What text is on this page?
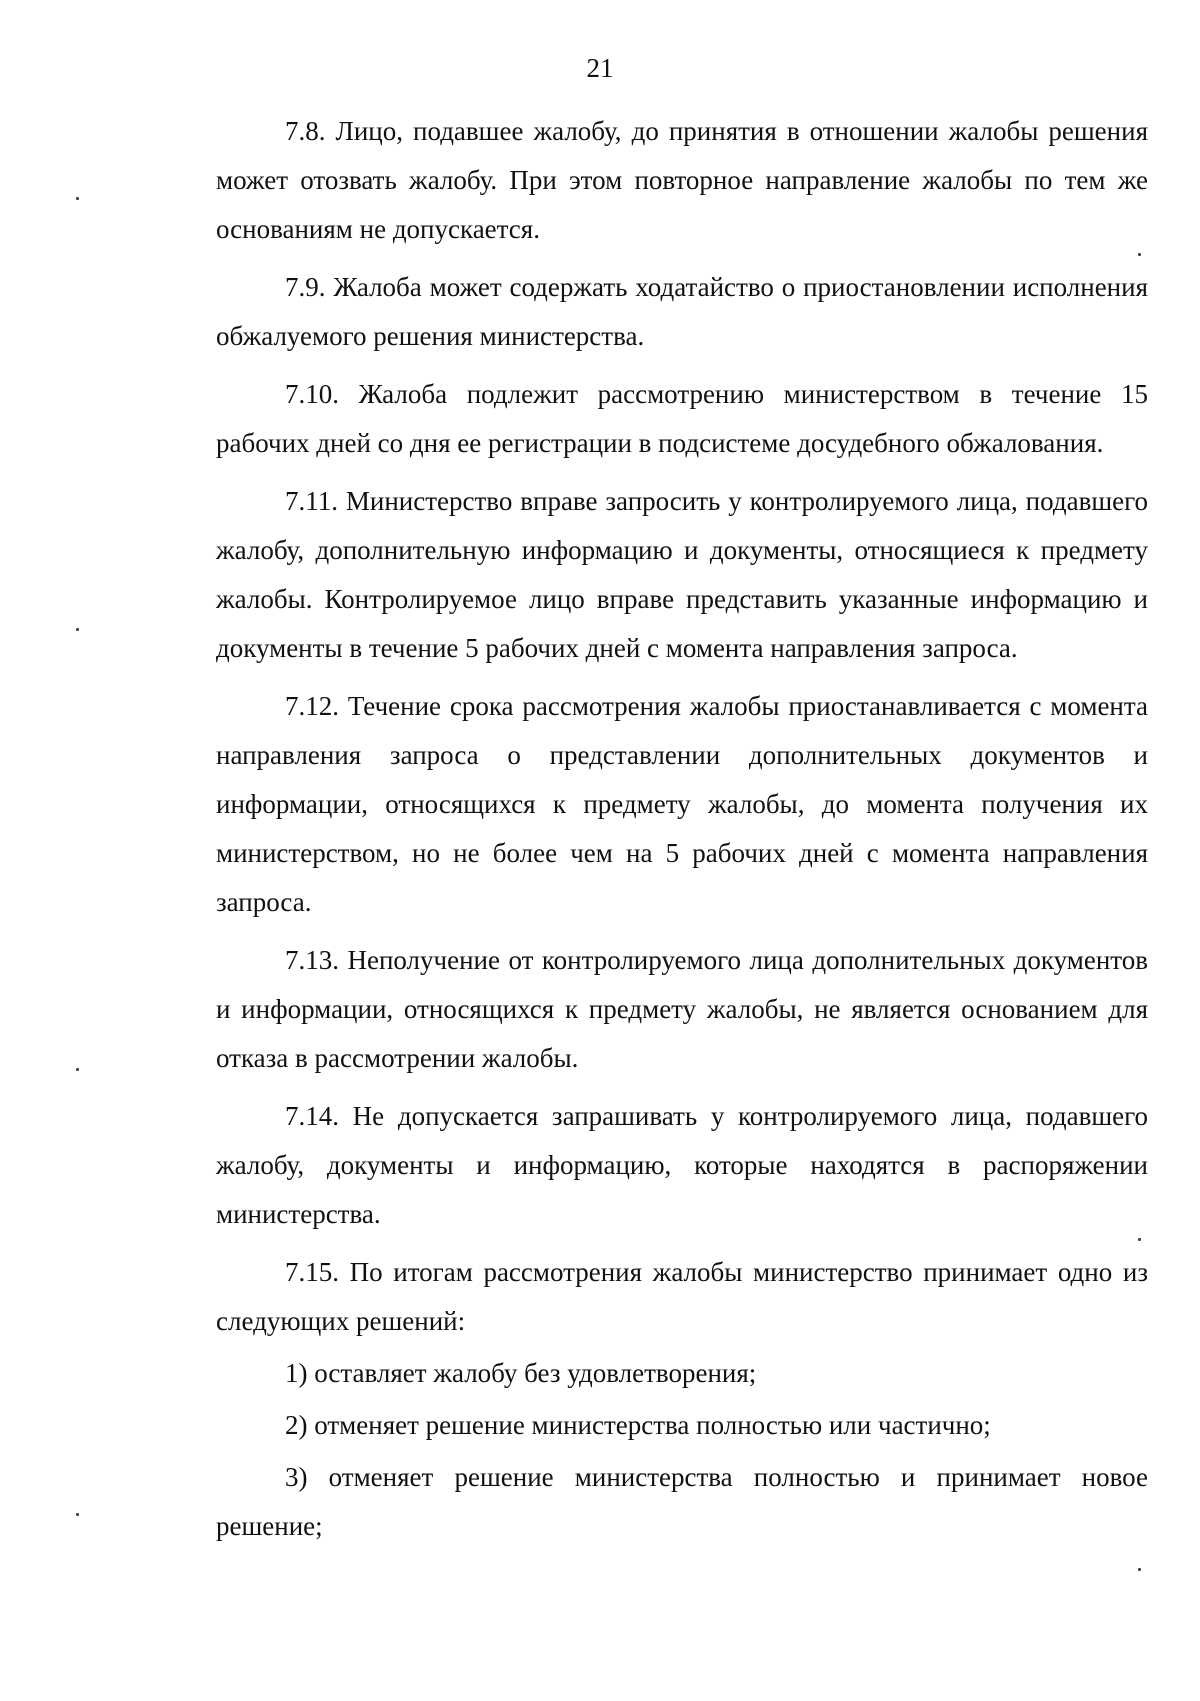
21

7.8. Лицо, подавшее жалобу, до принятия в отношении жалобы решения может отозвать жалобу. При этом повторное направление жалобы по тем же основаниям не допускается.

7.9. Жалоба может содержать ходатайство о приостановлении исполнения обжалуемого решения министерства.

7.10. Жалоба подлежит рассмотрению министерством в течение 15 рабочих дней со дня ее регистрации в подсистеме досудебного обжалования.

7.11. Министерство вправе запросить у контролируемого лица, подавшего жалобу, дополнительную информацию и документы, относящиеся к предмету жалобы. Контролируемое лицо вправе представить указанные информацию и документы в течение 5 рабочих дней с момента направления запроса.

7.12. Течение срока рассмотрения жалобы приостанавливается с момента направления запроса о представлении дополнительных документов и информации, относящихся к предмету жалобы, до момента получения их министерством, но не более чем на 5 рабочих дней с момента направления запроса.

7.13. Неполучение от контролируемого лица дополнительных документов и информации, относящихся к предмету жалобы, не является основанием для отказа в рассмотрении жалобы.

7.14. Не допускается запрашивать у контролируемого лица, подавшего жалобу, документы и информацию, которые находятся в распоряжении министерства.

7.15. По итогам рассмотрения жалобы министерство принимает одно из следующих решений:

1) оставляет жалобу без удовлетворения;

2) отменяет решение министерства полностью или частично;

3) отменяет решение министерства полностью и принимает новое решение;
